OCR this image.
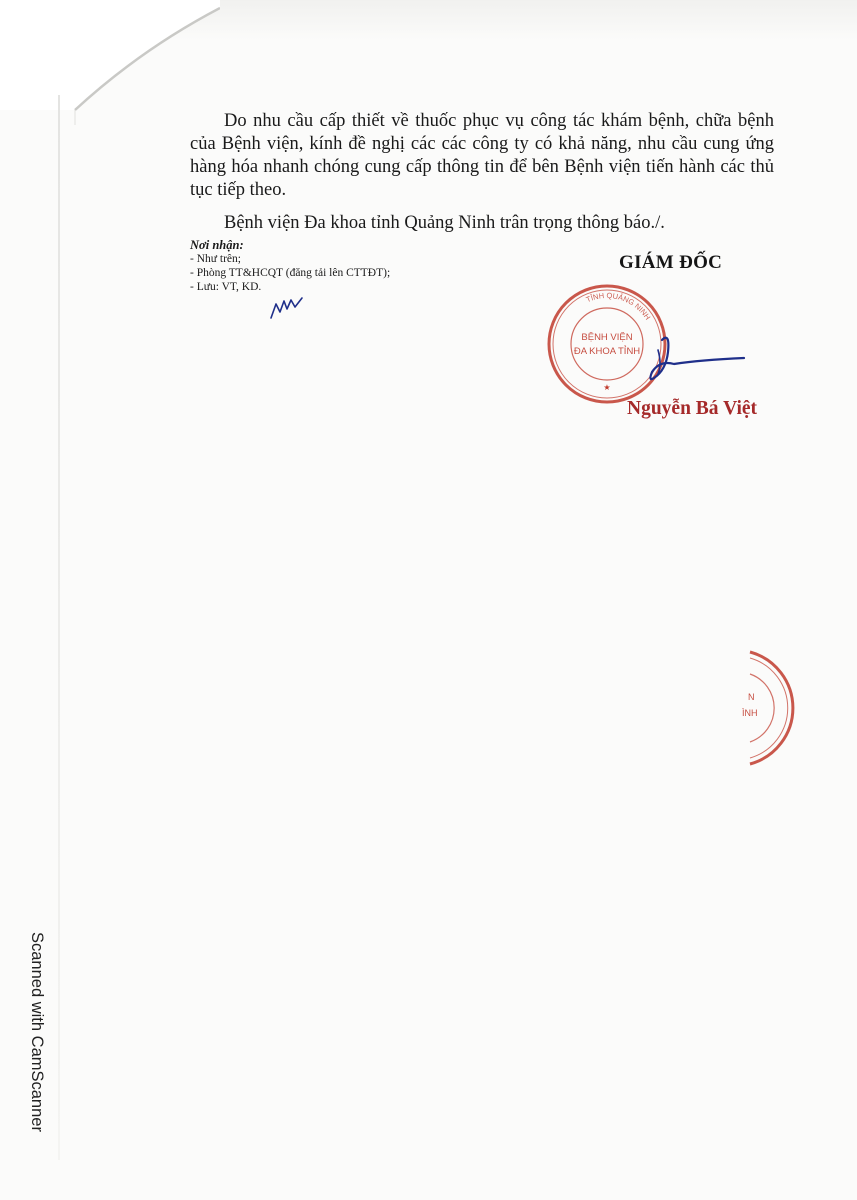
Do nhu cầu cấp thiết về thuốc phục vụ công tác khám bệnh, chữa bệnh của Bệnh viện, kính đề nghị các các công ty có khả năng, nhu cầu cung ứng hàng hóa nhanh chóng cung cấp thông tin để bên Bệnh viện tiến hành các thủ tục tiếp theo.
Bệnh viện Đa khoa tỉnh Quảng Ninh trân trọng thông báo./.
Nơi nhận:
- Như trên;
- Phòng TT&HCQT (đăng tải lên CTTĐT);
- Lưu: VT, KD.
GIÁM ĐỐC
TỈNH QUẢNG NINH
BỆNH VIỆN
ĐA KHOA TỈNH
★
Nguyễn Bá Việt
N
ÌNH
Scanned with CamScanner
